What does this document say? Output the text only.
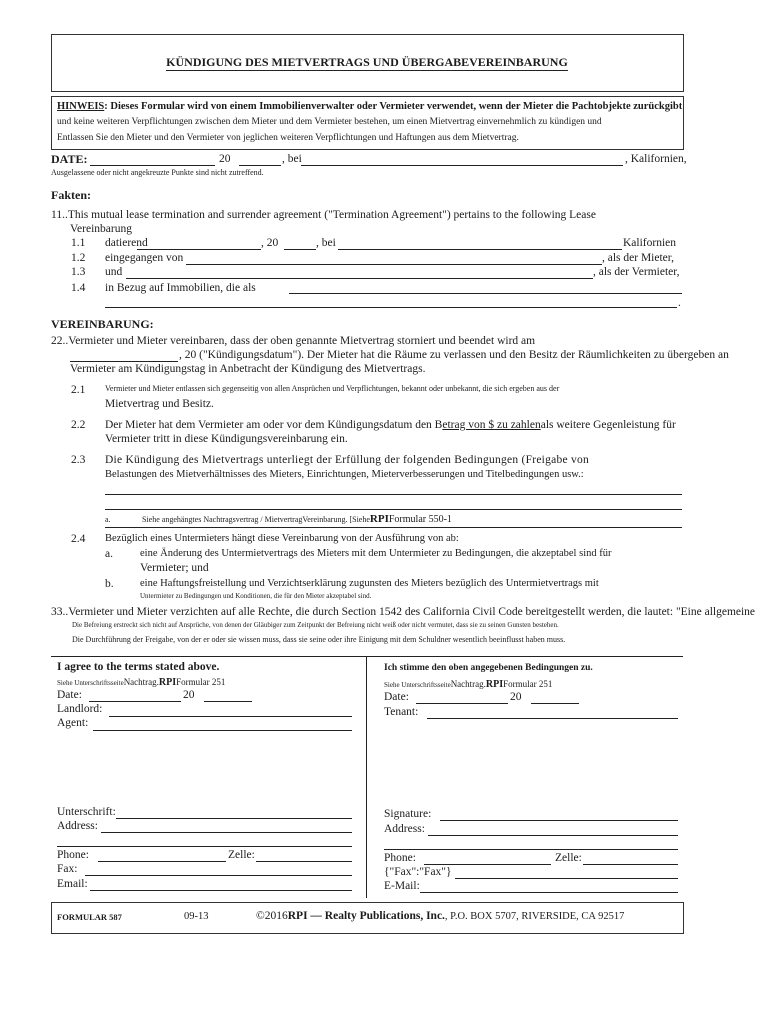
KÜNDIGUNG DES MIETVERTRAGS UND ÜBERGABEVEREINBARUNG
HINWEIS: Dieses Formular wird von einem Immobilienverwalter oder Vermieter verwendet, wenn der Mieter die Pachtobjekte zurückgibt
und keine weiteren Verpflichtungen zwischen dem Mieter und dem Vermieter bestehen, um einen Mietvertrag einvernehmlich zu kündigen und
Entlassen Sie den Mieter und den Vermieter von jeglichen weiteren Verpflichtungen und Haftungen aus dem Mietvertrag.
DATE:	20	, bei	, Kalifornien,
Ausgelassene oder nicht angekreuzte Punkte sind nicht zutreffend.
Fakten:
11..This mutual lease termination and surrender agreement ("Termination Agreement") pertains to the following Lease
Vereinbarung
1.1 datierend	, 20	, bei	Kalifornien
1.2 eingegangen von	, als der Mieter,
1.3 und	, als der Vermieter,
1.4 in Bezug auf Immobilien, die als
.
VEREINBARUNG:
22..Vermieter und Mieter vereinbaren, dass der oben genannte Mietvertrag storniert und beendet wird am
, 20 ("Kündigungsdatum"). Der Mieter hat die Räume zu verlassen und den Besitz der Räumlichkeiten zu übergeben an
Vermieter am Kündigungstag in Anbetracht der Kündigung des Mietvertrags.
2.1 Vermieter und Mieter entlassen sich gegenseitig von allen Ansprüchen und Verpflichtungen, bekannt oder unbekannt, die sich ergeben aus der
Mietvertrag und Besitz.
2.2 Der Mieter hat dem Vermieter am oder vor dem Kündigungsdatum den Betrag von $ zu zahlenals weitere Gegenleistung für
Vermieter tritt in diese Kündigungsvereinbarung ein.
2.3 Die Kündigung des Mietvertrags unterliegt der Erfüllung der folgenden Bedingungen (Freigabe von
Belastungen des Mietverhältnisses des Mieters, Einrichtungen, Mieterverbesserungen und Titelbedingungen usw.:
a.	Siehe angehängtes Nachtragsvertrag / MietvertragVereinbarung. [SieheRPIFormular 550-1
2.4 Bezüglich eines Untermieters hängt diese Vereinbarung von der Ausführung von ab:
a.	eine Änderung des Untermietvertrags des Mieters mit dem Untermieter zu Bedingungen, die akzeptabel sind für
Vermieter; und
b.	eine Haftungsfreistellung und Verzichtserklärung zugunsten des Mieters bezüglich des Untermietvertrags mit
Untermieter zu Bedingungen und Konditionen, die für den Mieter akzeptabel sind.
33..Vermieter und Mieter verzichten auf alle Rechte, die durch Section 1542 des California Civil Code bereitgestellt werden, die lautet: "Eine allgemeine
Die Befreiung erstreckt sich nicht auf Ansprüche, von denen der Gläubiger zum Zeitpunkt der Befreiung nicht weiß oder nicht vermutet, dass sie zu seinen Gunsten bestehen.
Die Durchführung der Freigabe, von der er oder sie wissen muss, dass sie seine oder ihre Einigung mit dem Schuldner wesentlich beeinflusst haben muss.
I agree to the terms stated above.
Siehe UnterschriftsseiteNachtrag.RPIFormular 251
Date:	20
Landlord:
Agent:
Unterschrift:
Address:
Phone:	Zelle:
Fax:
Email:
Ich stimme den oben angegebenen Bedingungen zu.
Siehe UnterschriftsseiteNachtrag.RPIFormular 251
Date:	20
Tenant:
Signature:
Address:
Phone:	Zelle:
{"Fax":"Fax"}
E-Mail:
FORMULAR 587	09-13	©2016RPI — Realty Publications, Inc., P.O. BOX 5707, RIVERSIDE, CA 92517
